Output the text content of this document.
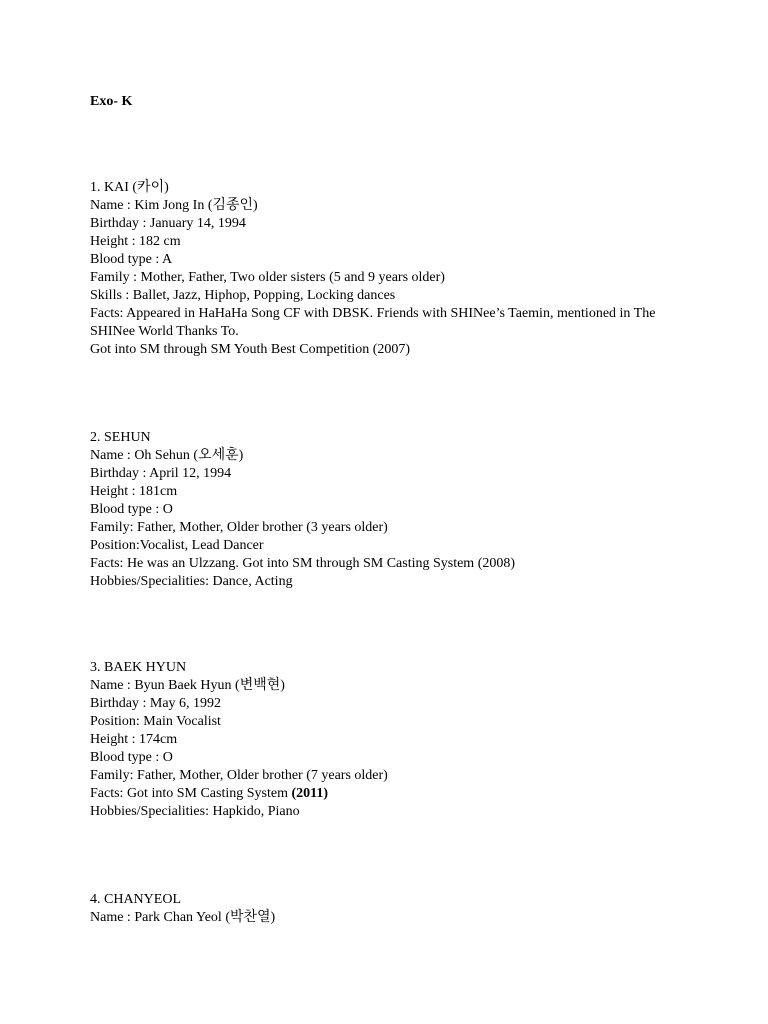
Exo- K

1. KAI (카이)
Name : Kim Jong In (김종인)
Birthday : January 14, 1994
Height : 182 cm
Blood type : A
Family : Mother, Father, Two older sisters (5 and 9 years older)
Skills : Ballet, Jazz, Hiphop, Popping, Locking dances
Facts: Appeared in HaHaHa Song CF with DBSK. Friends with SHINee’s Taemin, mentioned in The SHINee World Thanks To.
Got into SM through SM Youth Best Competition (2007)
2. SEHUN
Name : Oh Sehun (오세훈)
Birthday : April 12, 1994
Height : 181cm
Blood type : O
Family: Father, Mother, Older brother (3 years older)
Position:Vocalist, Lead Dancer
Facts: He was an Ulzzang. Got into SM through SM Casting System (2008)
Hobbies/Specialities: Dance, Acting
3. BAEK HYUN
Name : Byun Baek Hyun (변백현)
Birthday : May 6, 1992
Position: Main Vocalist
Height : 174cm
Blood type : O
Family: Father, Mother, Older brother (7 years older)
Facts: Got into SM Casting System (2011)
Hobbies/Specialities: Hapkido, Piano
4. CHANYEOL
Name : Park Chan Yeol (박찬열)
